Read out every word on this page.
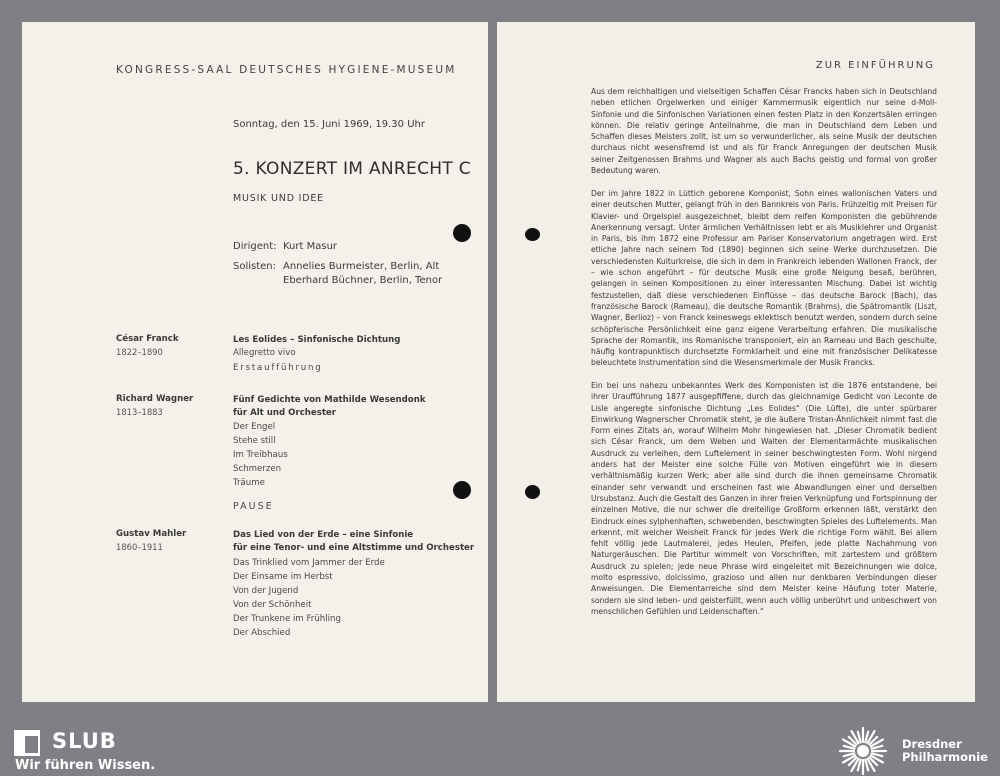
KONGRESS-SAAL DEUTSCHES HYGIENE-MUSEUM
Sonntag, den 15. Juni 1969, 19.30 Uhr
5. KONZERT IM ANRECHT C
MUSIK UND IDEE
Dirigent: Kurt Masur
Solisten: Annelies Burmeister, Berlin, Alt
Eberhard Büchner, Berlin, Tenor
César Franck
1822–1890
Les Eolides – Sinfonische Dichtung
Allegretto vivo
Erstaufführung
Richard Wagner
1813–1883
Fünf Gedichte von Mathilde Wesendonk
für Alt und Orchester
Der Engel
Stehe still
Im Treibhaus
Schmerzen
Träume
PAUSE
Gustav Mahler
1860–1911
Das Lied von der Erde – eine Sinfonie
für eine Tenor- und eine Altstimme und Orchester
Das Trinklied vom Jammer der Erde
Der Einsame im Herbst
Von der Jugend
Von der Schönheit
Der Trunkene im Frühling
Der Abschied
ZUR EINFÜHRUNG

Aus dem reichhaltigen und vielseitigen Schaffen César Francks haben sich in Deutschland neben etlichen Orgelwerken und einiger Kammermusik eigentlich nur seine d-Moll-Sinfonie und die Sinfonischen Variationen einen festen Platz in den Konzertsälen erringen können. Die relativ geringe Anteilnahme, die man in Deutschland dem Leben und Schaffen dieses Meisters zollt, ist um so verwunderlicher, als seine Musik der deutschen durchaus nicht wesensfremd ist und als für Franck Anregungen der deutschen Musik seiner Zeitgenossen Brahms und Wagner als auch Bachs geistig und formal von großer Bedeutung waren.

Der im Jahre 1822 in Lüttich geborene Komponist, Sohn eines wallonischen Vaters und einer deutschen Mutter, gelangt früh in den Bannkreis von Paris. Frühzeitig mit Preisen für Klavier- und Orgelspiel ausgezeichnet, bleibt dem reifen Komponisten die gebührende Anerkennung versagt. Unter ärmlichen Verhältnissen lebt er als Musiklehrer und Organist in Paris, bis ihm 1872 eine Professur am Pariser Konservatorium angetragen wird. Erst etliche Jahre nach seinem Tod (1890) beginnen sich seine Werke durchzusetzen. Die verschiedensten Kulturkreise, die sich in dem in Frankreich lebenden Wallonen Franck, der – wie schon angeführt – für deutsche Musik eine große Neigung besaß, berühren, gelangen in seinen Kompositionen zu einer interessanten Mischung. Dabei ist wichtig festzustellen, daß diese verschiedenen Einflüsse – das deutsche Barock (Bach), das französische Barock (Rameau), die deutsche Romantik (Brahms), die Spätromantik (Liszt, Wagner, Berlioz) – von Franck keineswegs eklektisch benutzt werden, sondern durch seine schöpferische Persönlichkeit eine ganz eigene Verarbeitung erfahren. Die musikalische Sprache der Romantik, ins Romanische transponiert, ein an Rameau und Bach geschulte, häufig kontrapunktisch durchsetzte Formklarheit und eine mit französischer Delikatesse beleuchtete Instrumentation sind die Wesensmerkmale der Musik Francks.

Ein bei uns nahezu unbekanntes Werk des Komponisten ist die 1876 entstandene, bei ihrer Uraufführung 1877 ausgepfiffene, durch das gleichnamige Gedicht von Leconte de Lisle angeregte sinfonische Dichtung „Les Eolides“ (Die Lüfte), die unter spürbarer Einwirkung Wagnerscher Chromatik steht, je die äußere Tristan-Ähnlichkeit nimmt fast die Form eines Zitats an, worauf Wilhelm Mohr hingewiesen hat. „Dieser Chromatik bedient sich César Franck, um dem Weben und Walten der Elementarmächte musikalischen Ausdruck zu verleihen, dem Luftelement in seiner beschwingtesten Form. Wohl nirgend anders hat der Meister eine solche Fülle von Motiven eingeführt wie in diesem verhältnismäßig kurzen Werk; aber alle sind durch die ihnen gemeinsame Chromatik einander sehr verwandt und erscheinen fast wie Abwandlungen einer und derselben Ursubstanz. Auch die Gestalt des Ganzen in ihrer freien Verknüpfung und Fortspinnung der einzelnen Motive, die nur schwer die dreiteilige Großform erkennen läßt, verstärkt den Eindruck eines sylphenhaften, schwebenden, beschwingten Spieles des Luftelements. Man erkennt, mit welcher Weisheit Franck für jedes Werk die richtige Form wählt. Bei allem fehlt völlig jede Lautmalerei, jedes Heulen, Pfeifen, jede platte Nachahmung von Naturgeräuschen. Die Partitur wimmelt von Vorschriften, mit zartestem und größtem Ausdruck zu spielen; jede neue Phrase wird eingeleitet mit Bezeichnungen wie dolce, molto espressivo, dolcissimo, grazioso und allen nur denkbaren Verbindungen dieser Anweisungen. Die Elementarreiche sind dem Meister keine Häufung toter Materie, sondern sie sind leben- und geisterfüllt, wenn auch völlig unberührt und unbeschwert von menschlichen Gefühlen und Leidenschaften.“

SLUB
Wir führen Wissen.
Dresdner
Philharmonie
